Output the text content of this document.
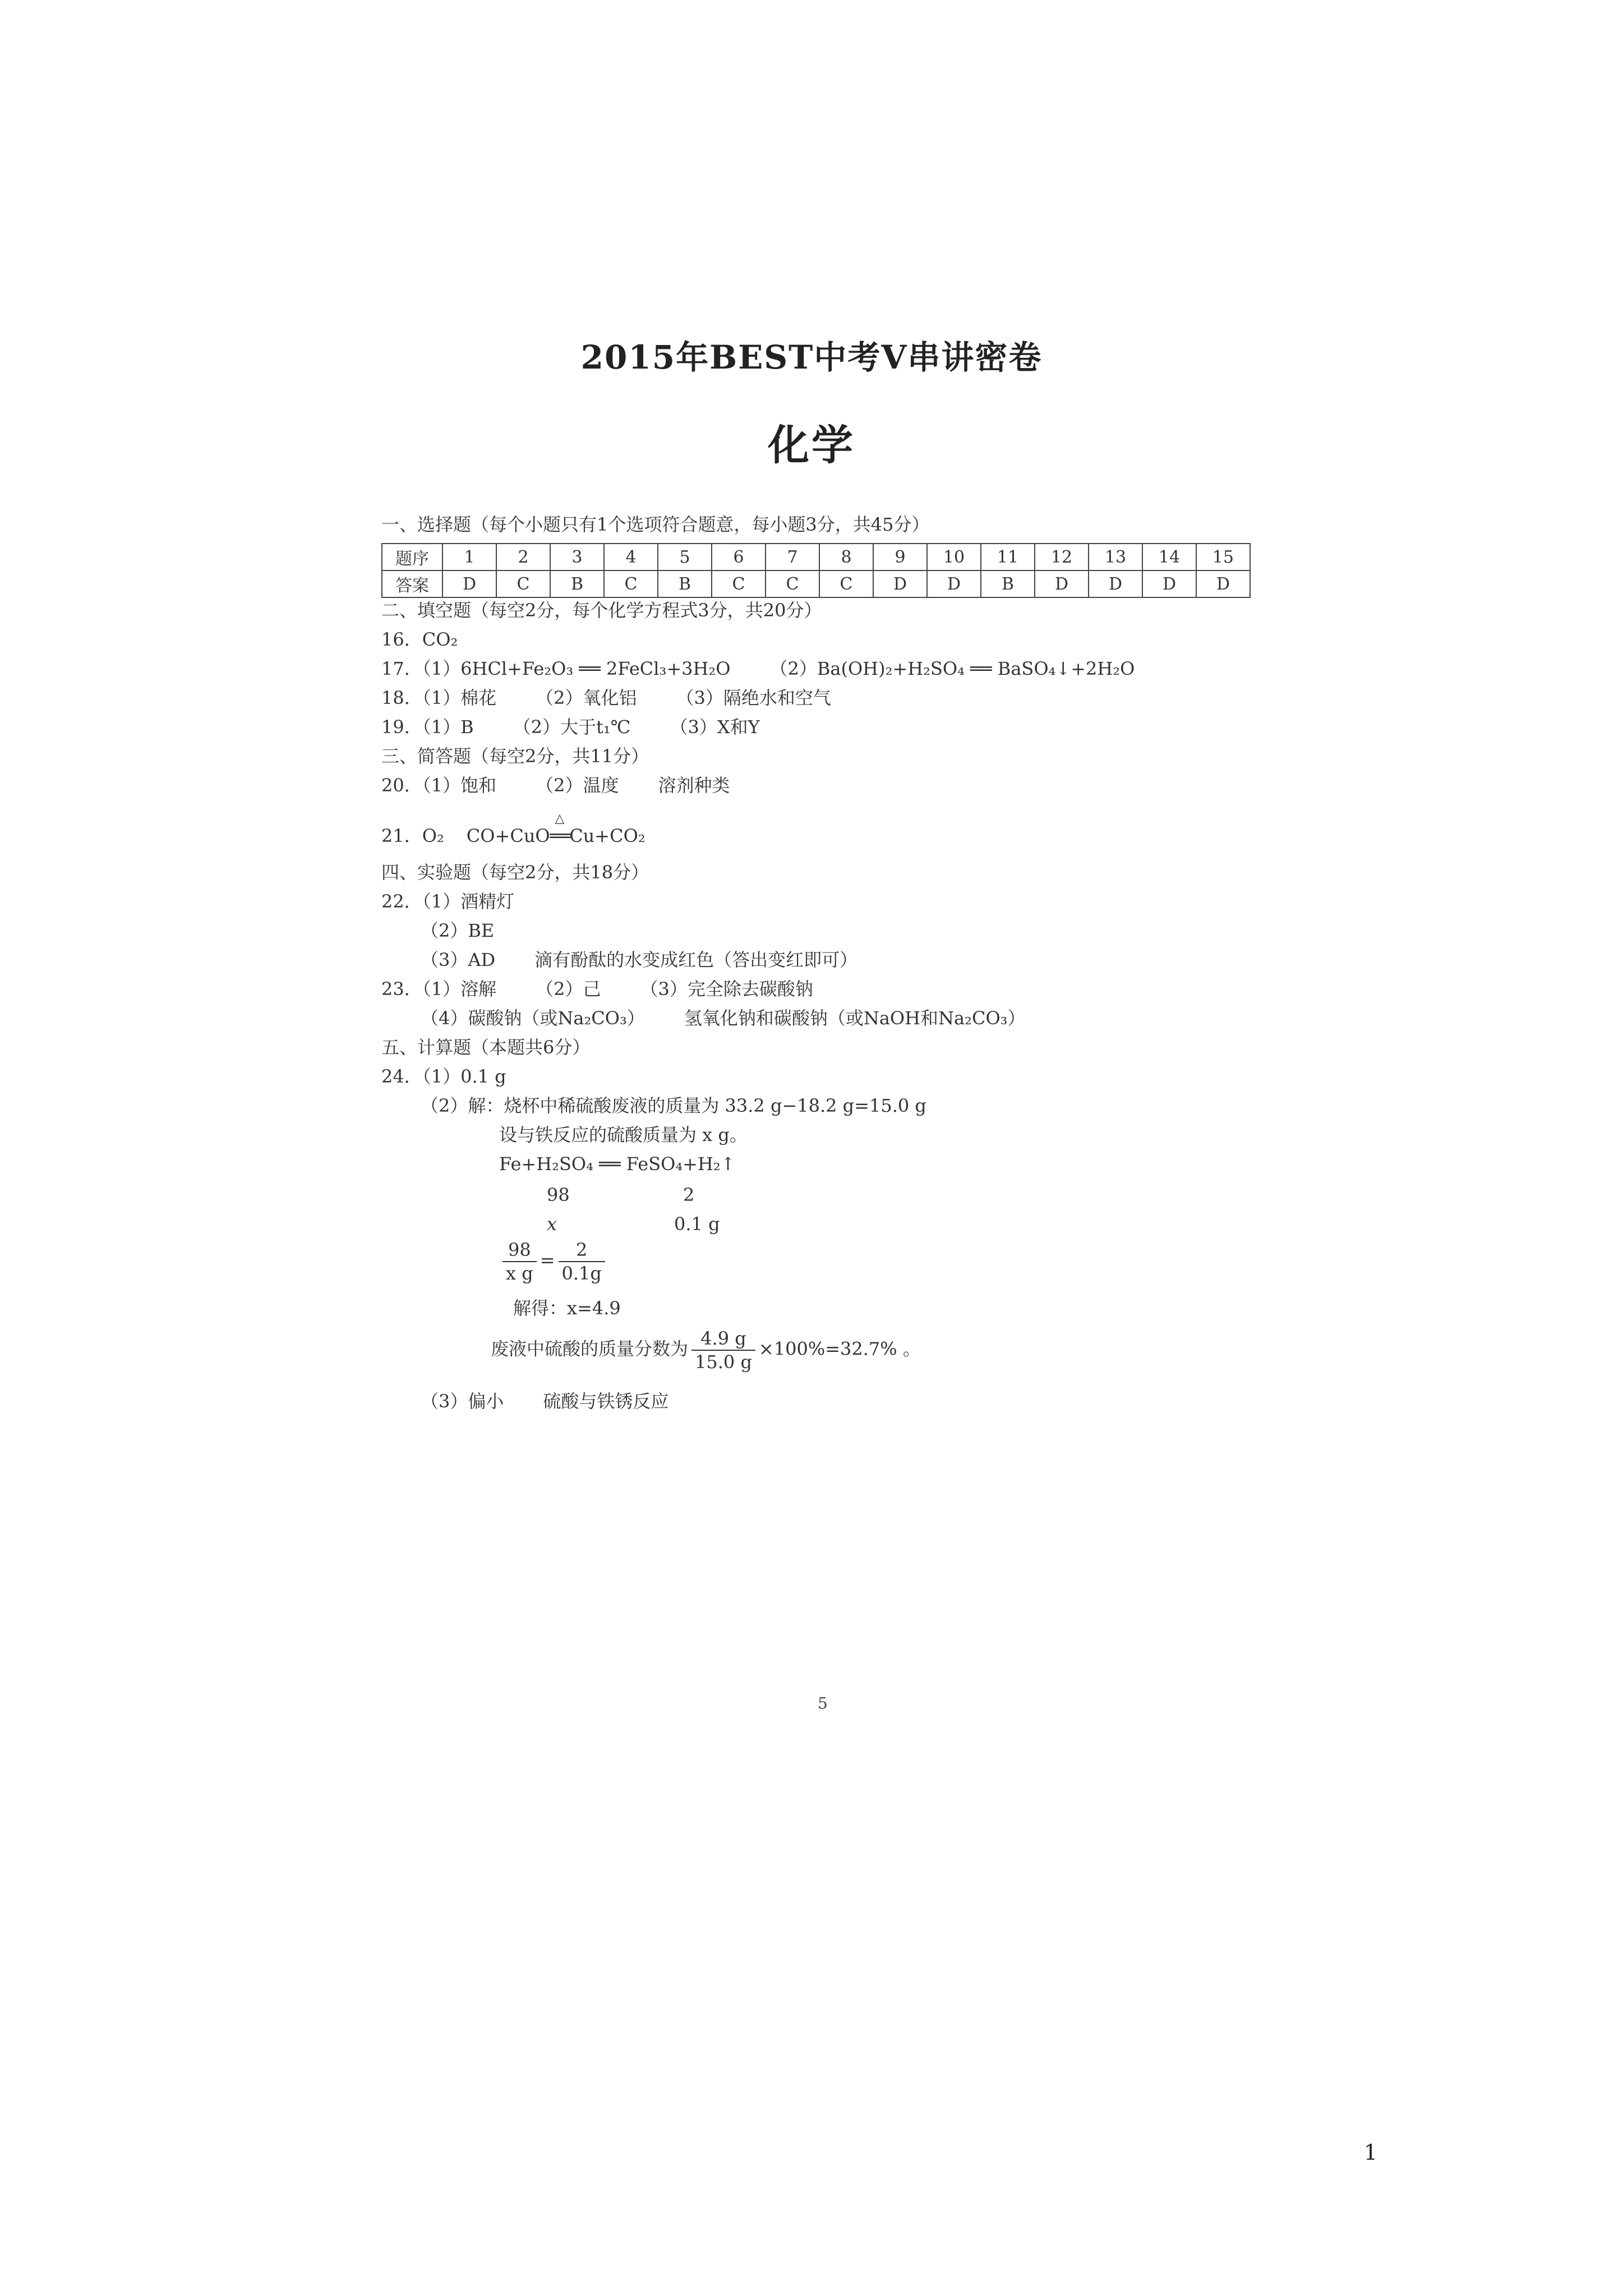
2015年BEST中考V串讲密卷
化学
一、选择题（每个小题只有1个选项符合题意，每小题3分，共45分）
题序	1	2	3	4	5	6	7	8	9	10	11	12	13	14	15
答案	D	C	B	C	B	C	C	C	D	D	B	D	D	D	D
二、填空题（每空2分，每个化学方程式3分，共20分）
16．CO₂
17．（1）6HCl+Fe₂O₃ ══ 2FeCl₃+3H₂O （2）Ba(OH)₂+H₂SO₄ ══ BaSO₄↓+2H₂O
18．（1）棉花 （2）氧化铝 （3）隔绝水和空气
19．（1）B （2）大于t₁℃ （3）X和Y
三、简答题（每空2分，共11分）
20．（1）饱和 （2）温度 溶剂种类
21．O₂ CO+CuO
△
══Cu+CO₂
四、实验题（每空2分，共18分）
22．（1）酒精灯
（2）BE
（3）AD 滴有酚酞的水变成红色（答出变红即可）
23．（1）溶解 （2）己 （3）完全除去碳酸钠
（4）碳酸钠（或Na₂CO₃） 氢氧化钠和碳酸钠（或NaOH和Na₂CO₃）
五、计算题（本题共6分）
24．（1）0.1 g
（2）解：烧杯中稀硫酸废液的质量为 33.2 g−18.2 g=15.0 g
设与铁反应的硫酸质量为 x g。
Fe+H₂SO₄ ══ FeSO₄+H₂↑
98	2
x	0.1 g
$\frac{98}{\text{x g}} = \frac{2}{0.1g}$
解得：x=4.9
废液中硫酸的质量分数为 $\frac{4.9 g}{15.0 g} \times 100\%=32.7\%$ 。
（3）偏小 硫酸与铁锈反应
5
1
